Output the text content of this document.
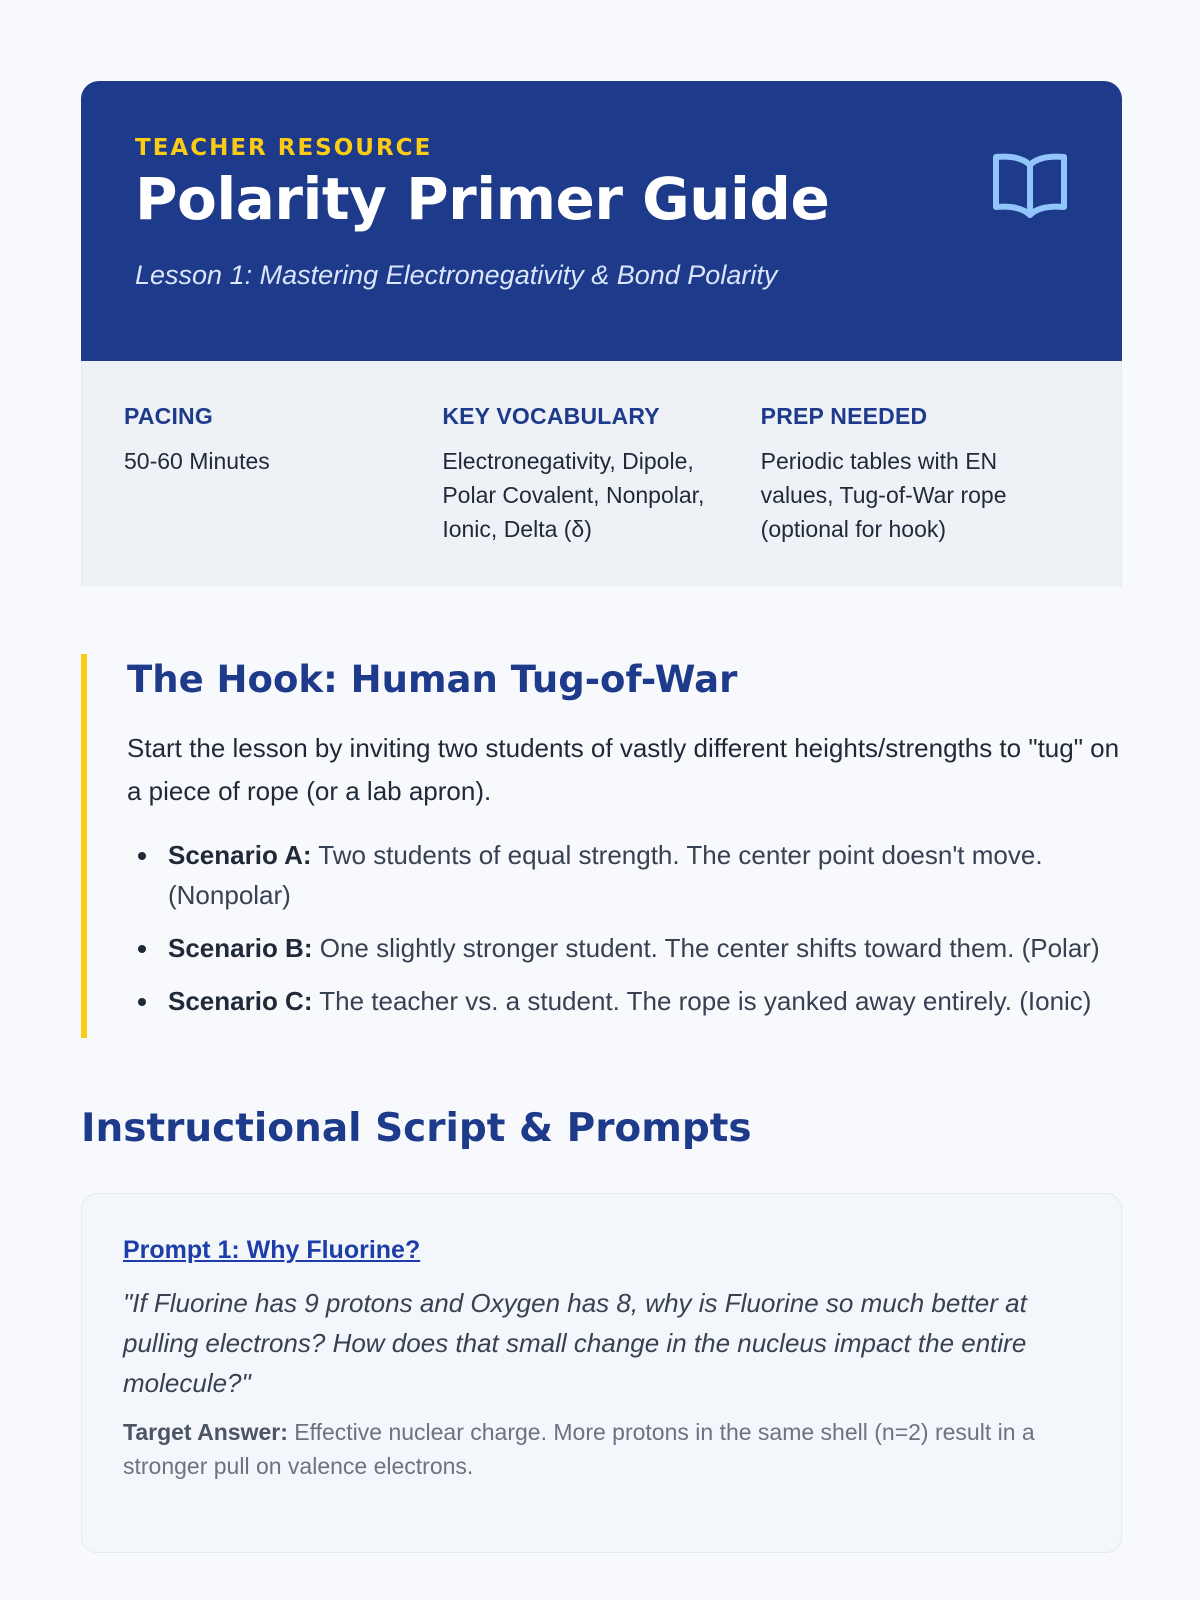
TEACHER RESOURCE
Polarity Primer Guide
Lesson 1: Mastering Electronegativity & Bond Polarity
PACING
50-60 Minutes
KEY VOCABULARY
Electronegativity, Dipole, Polar Covalent, Nonpolar, Ionic, Delta (δ)
PREP NEEDED
Periodic tables with EN values, Tug-of-War rope (optional for hook)
The Hook: Human Tug-of-War

Start the lesson by inviting two students of vastly different heights/strengths to "tug" on a piece of rope (or a lab apron).

Scenario A: Two students of equal strength. The center point doesn't move. (Nonpolar)
Scenario B: One slightly stronger student. The center shifts toward them. (Polar)
Scenario C: The teacher vs. a student. The rope is yanked away entirely. (Ionic)
Instructional Script & Prompts
Prompt 1: Why Fluorine?

"If Fluorine has 9 protons and Oxygen has 8, why is Fluorine so much better at pulling electrons? How does that small change in the nucleus impact the entire molecule?"

Target Answer: Effective nuclear charge. More protons in the same shell (n=2) result in a stronger pull on valence electrons.
